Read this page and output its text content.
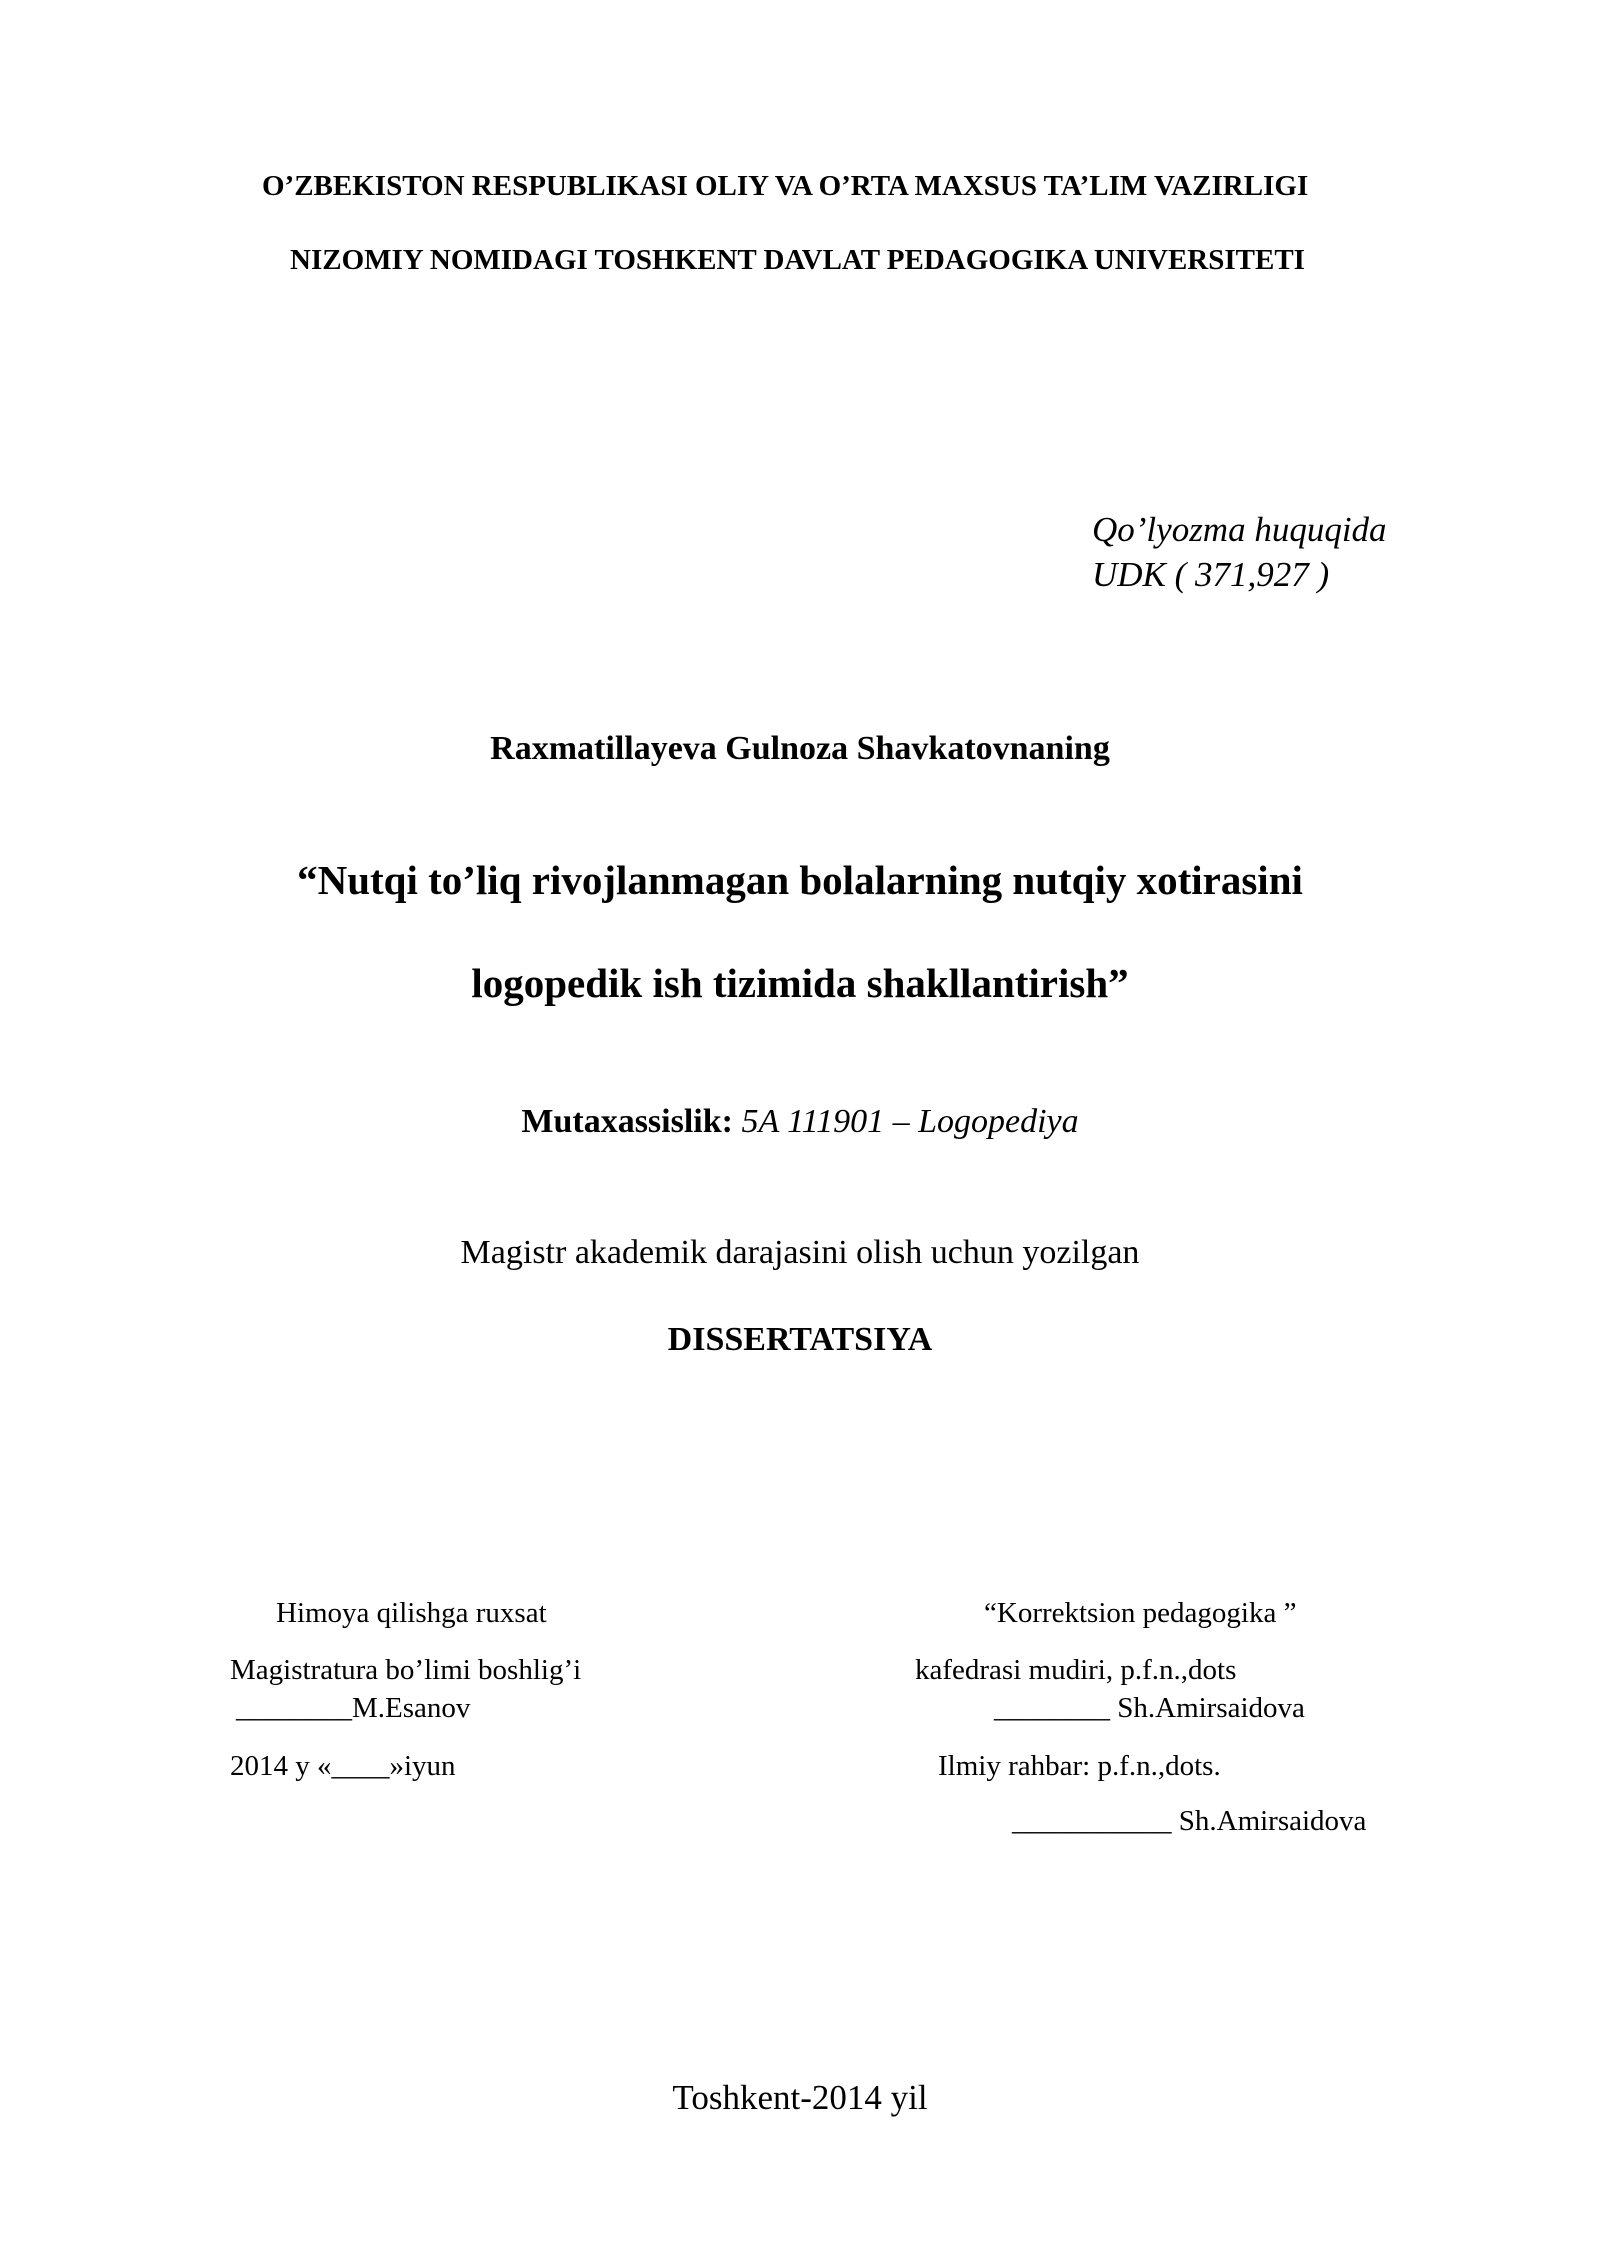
O’ZBEKISTON RESPUBLIKASI OLIY VA O’RTA MAXSUS TA’LIM VAZIRLIGI
NIZOMIY NOMIDAGI TOSHKENT DAVLAT PEDAGOGIKA UNIVERSITETI
Qo’lyozma huquqida
UDK ( 371,927 )
Raxmatillayeva Gulnoza Shavkatovnaning
“Nutqi to’liq rivojlanmagan bolalarning nutqiy xotirasini
logopedik ish tizimida shakllantirish”
Mutaxassislik: 5A 111901 – Logopediya
Magistr akademik darajasini olish uchun yozilgan
DISSERTATSIYA
Himoya qilishga ruxsat
Magistratura bo’limi boshlig’i
________M.Esanov
2014 y «____»iyun
“Korrektsion pedagogika ”
kafedrasi mudiri, p.f.n.,dots
________ Sh.Amirsaidova
Ilmiy rahbar: p.f.n.,dots.
___________ Sh.Amirsaidova
Toshkent-2014 yil
